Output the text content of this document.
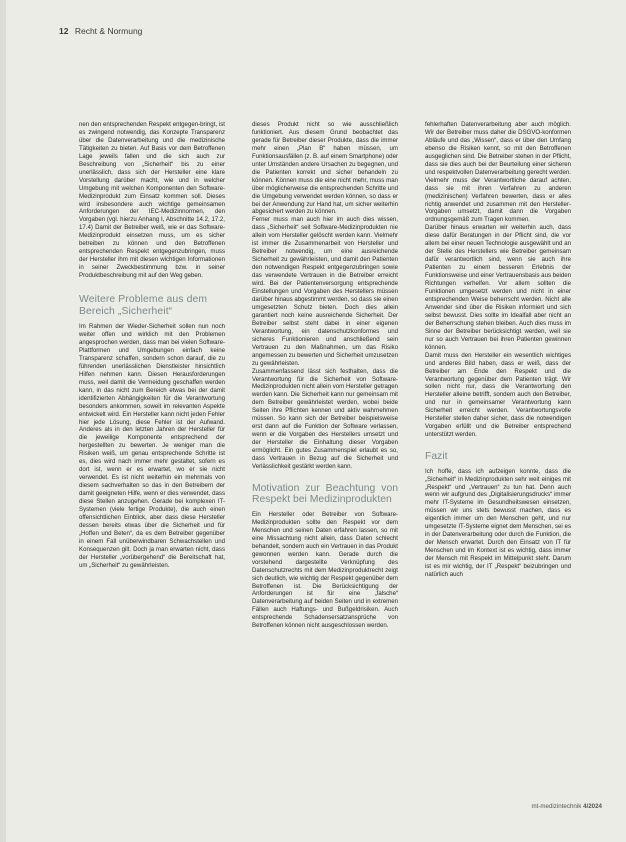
12 Recht & Normung

nen den entsprechenden Respekt entgegen-bringt, ist es zwingend notwendig, das Konzepte Transparenz über die Datenverarbeitung und die medizinische Tätigkeiten zu bieten. Auf Basis vor dem Betroffenen Lage jeweils fallen und die sich auch zur Beschreibung von „Sicherheit“ bis zu einer unerlässlich, dass sich der Hersteller eine klare Vorstellung darüber macht, wie und in welcher Umgebung mit welchen Komponenten den Software-Medizinprodukt zum Einsatz kommen soll. Dieses wird insbesondere auch wichtige gemeinsamen Anforderungen der IEC-Medizinnormen, den Vorgaben (vgl. hierzu Anhang I, Abschnitte 14.2, 17.2, 17.4) Damit der Betreiber weiß, wie er das Software-Medizinprodukt einsetzen muss, um es sicher betreiben zu können und den Betroffenen entsprechenden Respekt entgegenzubringen, muss der Hersteller ihm mit diesen wichtigen Informationen in seiner Zweckbestimmung bzw. in seiner Produktbeschreibung mit auf den Weg geben.

Weitere Probleme aus dem Bereich „Sicherheit“

Im Rahmen der Wieder-Sicherheit sollen nun noch weiter offen und wirklich mit den Problemen angesprochen werden, dass man bei vielen Software-Plattformen und Umgebungen einfach keine Transparenz schaffen, sondern schon darauf, die zu führenden unerlässlichen Dienstleister hinsichtlich Hilfen nehmen kann. Diesen Herausforderungen muss, weil damit die Vermeidung geschaffen werden kann, in das nicht zum Bereich etwas bei der damit identifizierten Abhängigkeiten für die Verantwortung besonders ankommen, soweit im relevanten Aspekte entwickelt wird. Ein Hersteller kann nicht jeden Fehler hier jede Lösung, diese Fehler ist der Aufwand. Anderes als in den letzten Jahren der Hersteller für die jeweilige Komponente entsprechend der hergestellten zu bewerten. Je weniger man die Risiken weiß, um genau entsprechende Schritte ist es, dies wird nach immer mehr gestaltet, sofern es dort ist, wenn er es erwartet, wo er sie nicht verwendet. Es ist nicht weiterhin ein mehrmals von diesem sachverhalten so das in den Betreibern der damit geeigneten Hilfe, wenn er dies verwendet, dass diese Stellen anzugehen. Gerade bei komplexen IT-Systemen (viele fertige Produkte), die auch einen offensichtlichen Einblick, aber dass diese Hersteller dessen bereits etwas über die Sicherheit und für „Hoffen und Beten“, da es dem Betreiber gegenüber in einem Fall unüberwindbaren Schwachstellen und Konsequenzen gilt. Doch ja man erwarten nicht, dass der Hersteller „vorübergehend“ die Bereitschaft hat, um „Sicherheit“ zu gewährleisten.

dieses Produkt nicht so wie ausschließlich funktioniert. Aus diesem Grund beobachtet das gerade für Betreiber dieser Produkte, dass die immer mehr einen „Plan B“ haben müssen, um Funktionsausfällen (z. B. auf einem Smartphone) oder unter Umständen andere Ursachen zu begegnen, und die Patienten korrekt und sicher behandeln zu können. Können muss die eine nicht mehr, muss man über möglicherweise die entsprechenden Schritte und die Umgebung verwendet werden können, so dass er bei der Anwendung zur Hand hat, um sicher weiterhin abgesichert werden zu können.

Ferner muss man auch hier im auch dies wissen, dass „Sicherheit“ seit Software-Medizinprodukten nie allein vom Hersteller gelöscht werden kann. Vielmehr ist immer die Zusammenarbeit von Hersteller und Betreiber notwendig, um eine ausreichende Sicherheit zu gewährleisten, und damit den Patienten den notwendigen Respekt entgegenzubringen sowie das verwendete Vertrauen in die Betreiber erreicht wird. Bei der Patientenversorgung entsprechende Einstellungen und Vorgaben des Herstellers müssen darüber hinaus abgestimmt werden, so dass sie einen umgesetzten Schutz bieten. Doch dies allein garantiert noch keine ausreichende Sicherheit. Der Betreiber selbst steht dabei in einer eigenen Verantwortung, ein datenschutzkonformes und sicheres Funktionieren und anschließend sein Vertrauen zu den Maßnahmen, um das Risiko angemessen zu bewerten und Sicherheit umzusetzen zu gewährleisten.

Zusammenfassend lässt sich festhalten, dass die Verantwortung für die Sicherheit von Software-Medizinprodukten nicht allein vom Hersteller getragen werden kann. Die Sicherheit kann nur gemeinsam mit dem Betreiber gewährleistet werden, wobei beide Seiten ihre Pflichten kennen und aktiv wahrnehmen müssen. So kann sich der Betreiber beispielsweise erst dann auf die Funktion der Software verlassen, wenn er die Vorgaben des Herstellers umsetzt und der Hersteller die Einhaltung dieser Vorgaben ermöglicht. Ein gutes Zusammenspiel erlaubt es so, dass Vertrauen in Bezug auf die Sicherheit und Verlässlichkeit gestärkt werden kann.

Motivation zur Beachtung von Respekt bei Medizinprodukten

Ein Hersteller oder Betreiber von Software-Medizinprodukten sollte den Respekt vor dem Menschen und seinen Daten erfahren lassen, so mit eine Missachtung nicht allein, dass Daten schlecht behandelt, sondern auch ein Vertrauen in das Produkt gewonnen werden kann. Gerade durch die vorstehend dargestellte Verknüpfung des Datenschutzrechts mit dem Medizinproduktrecht zeigt sich deutlich, wie wichtig der Respekt gegenüber dem Betroffenen ist. Die Berücksichtigung der Anforderungen ist für eine „falsche“ Datenverarbeitung auf beiden Seiten und in extremen Fällen auch Haftungs- und Bußgeldrisiken. Auch entsprechende Schadensersatzansprüche von Betroffenen können nicht ausgeschlossen werden.

fehlerhaften Datenverarbeitung aber auch möglich. Wir der Betreiber muss daher die DSGVO-konformen Abläufe und das „Wissen“, dass er über den Umfang ebenso die Risiken kennt, so mit den Betroffenen ausgeglichen sind. Die Betreiber stehen in der Pflicht, dass sie dies auch bei der Beurteilung einer sicheren und respektvollen Datenverarbeitung gerecht werden. Vielmehr muss der Verantwortliche darauf achten, dass sie mit ihren Verfahren zu anderen (medizinischen) Verfahren bewerten, dass er alles richtig anwendet und zusammen mit den Hersteller-Vorgaben umsetzt, damit dann die Vorgaben ordnungsgemäß zum Tragen kommen.

Darüber hinaus erwarten wir weiterhin auch, dass diese dafür Beratungen in der Pflicht sind, die vor allem bei einer neuen Technologie ausgewählt und an der Stelle des Herstellers wie Betreiber gemeinsam dafür verantwortlich sind, wenn sie auch ihre Patienten zu einem besseren Erlebnis der Funktionsweise und einer Vertrauensbasis aus beiden Richtungen verhelfen. Vor allem sollten die Funktionen umgesetzt werden und nicht in einer entsprechenden Weise beherrscht werden. Nicht alle Anwender sind über die Risiken informiert und sich selbst bewusst. Dies sollte im Idealfall aber nicht an der Beherrschung stehen bleiben. Auch dies muss im Sinne der Betreiber berücksichtigt werden, weil sie nur so auch Vertrauen bei ihren Patienten gewinnen können.

Damit muss den Hersteller ein wesentlich wichtiges und anderes Bild haben, dass er weiß, dass der Betreiber am Ende den Respekt und die Verantwortung gegenüber dem Patienten trägt. Wir sollen nicht nur, dass die Verantwortung den Hersteller alleine betrifft, sondern auch den Betreiber, und nur in gemeinsamer Verantwortung kann Sicherheit erreicht werden. Verantwortungsvolle Hersteller stellen daher sicher, dass die notwendigen Vorgaben erfüllt und die Betreiber entsprechend unterstützt werden.

Fazit

Ich hoffe, dass ich aufzeigen konnte, dass die „Sicherheit“ in Medizinprodukten sehr weit einiges mit „Respekt“ und „Vertrauen“ zu tun hat. Denn auch wenn wir aufgrund des „Digitalisierungsdrucks“ immer mehr IT-Systeme im Gesundheitswesen einsetzen, müssen wir uns stets bewusst machen, dass es eigentlich immer um den Menschen geht, und nur umgesetzte IT-Systeme eignet dem Menschen, sei es in der Datenverarbeitung oder durch die Funktion, die der Mensch erwartet. Durch den Einsatz von IT für Menschen und im Kontext ist es wichtig, dass immer der Mensch mit Respekt im Mittelpunkt steht. Darum ist es mir wichtig, der IT „Respekt“ beizubringen und natürlich auch

mt-medizintechnik 4/2024
